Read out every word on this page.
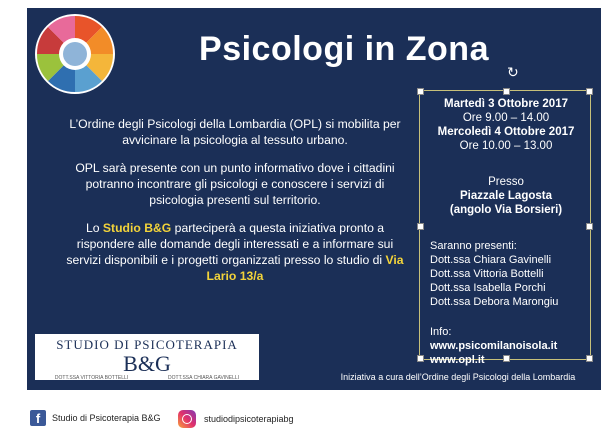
Psicologi in Zona

L’Ordine degli Psicologi della Lombardia (OPL) si mobilita per avvicinare la psicologia al tessuto urbano.

OPL sarà presente con un punto informativo dove i cittadini potranno incontrare gli psicologi e conoscere i servizi di psicologia presenti sul territorio.

Lo Studio B&G parteciperà a questa iniziativa pronto a rispondere alle domande degli interessati e a informare sui servizi disponibili e i progetti organizzati presso lo studio di Via Lario 13/a

↻
Martedì 3 Ottobre 2017
Ore 9.00 – 14.00
Mercoledì 4 Ottobre 2017
Ore 10.00 – 13.00
Presso
Piazzale Lagosta
(angolo Via Borsieri)
Saranno presenti:
Dott.ssa Chiara Gavinelli
Dott.ssa Vittoria Bottelli
Dott.ssa Isabella Porchi
Dott.ssa Debora Marongiu
Info:
www.psicomilanoisola.it
www.opl.it
STUDIO DI PSICOTERAPIA
B&G
DOTT.SSA VITTORIA BOTTELLI	DOTT.SSA CHIARA GAVINELLI	Iniziativa a cura dell’Ordine degli Psicologi della Lombardia
f	Studio di Psicoterapia B&G	studiodipsicoterapiabg
